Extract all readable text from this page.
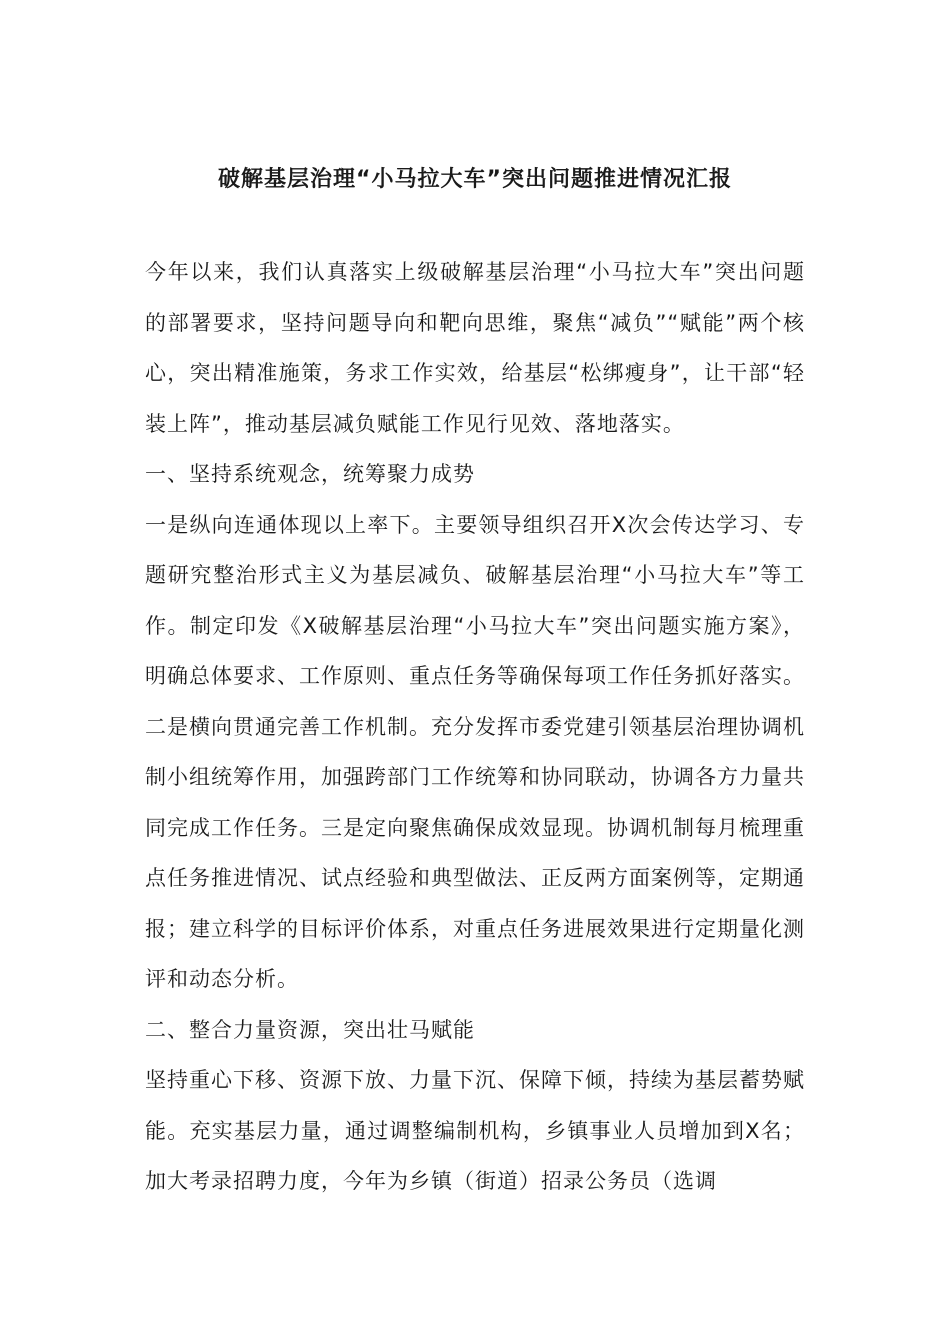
破解基层治理“小马拉大车”突出问题推进情况汇报

今年以来，我们认真落实上级破解基层治理“小马拉大车”突出问题的部署要求，坚持问题导向和靶向思维，聚焦“减负”“赋能”两个核心，突出精准施策，务求工作实效，给基层“松绑瘦身”，让干部“轻装上阵”，推动基层减负赋能工作见行见效、落地落实。

一、坚持系统观念，统筹聚力成势

一是纵向连通体现以上率下。主要领导组织召开X次会传达学习、专题研究整治形式主义为基层减负、破解基层治理“小马拉大车”等工作。制定印发《X破解基层治理“小马拉大车”突出问题实施方案》，明确总体要求、工作原则、重点任务等确保每项工作任务抓好落实。二是横向贯通完善工作机制。充分发挥市委党建引领基层治理协调机制小组统筹作用，加强跨部门工作统筹和协同联动，协调各方力量共同完成工作任务。三是定向聚焦确保成效显现。协调机制每月梳理重点任务推进情况、试点经验和典型做法、正反两方面案例等，定期通报；建立科学的目标评价体系，对重点任务进展效果进行定期量化测评和动态分析。

二、整合力量资源，突出壮马赋能

坚持重心下移、资源下放、力量下沉、保障下倾，持续为基层蓄势赋能。充实基层力量，通过调整编制机构，乡镇事业人员增加到X名；加大考录招聘力度，今年为乡镇（街道）招录公务员（选调
